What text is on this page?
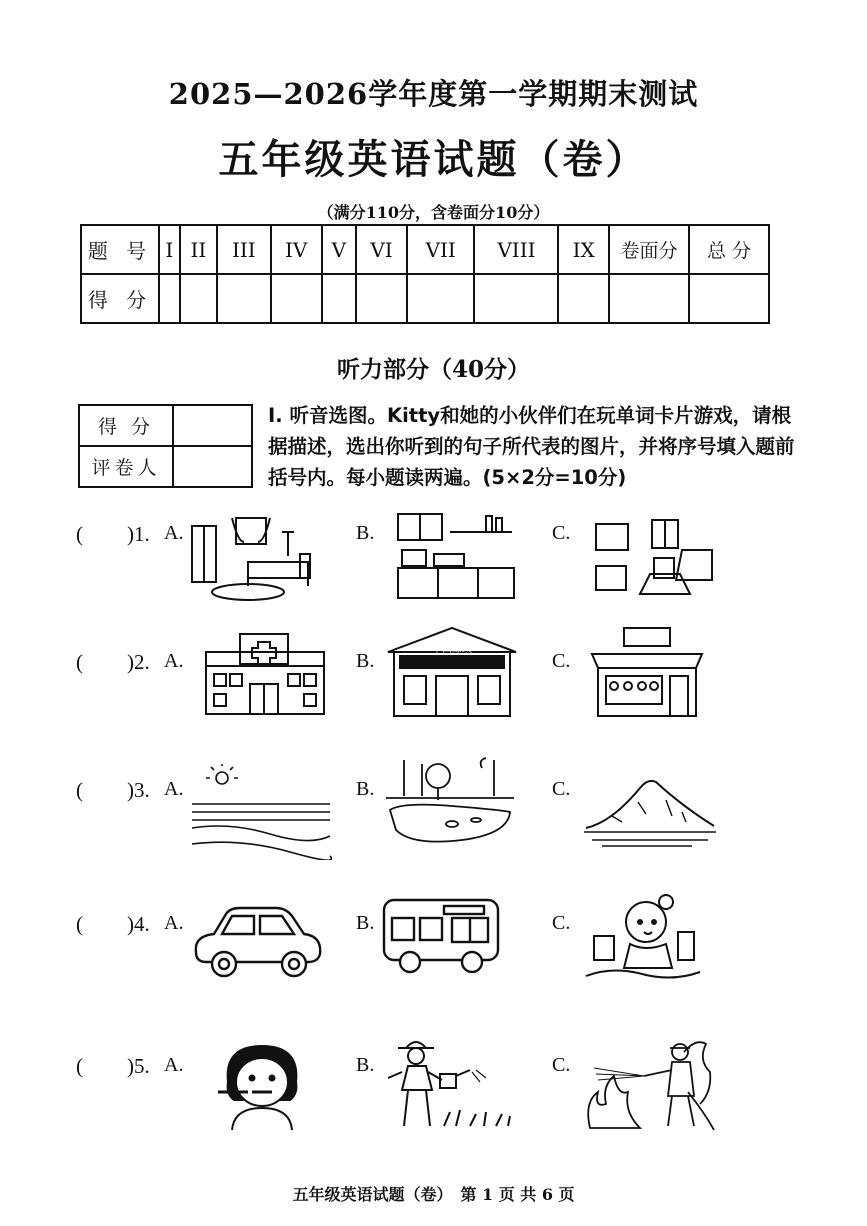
2025—2026学年度第一学期期末测试
五年级英语试题（卷）
（满分110分，含卷面分10分）
题 号	I	II	III	IV	V	VI	VII	VIII	IX	卷面分	总 分
得 分											
听力部分（40分）
得 分	
评卷人	
I. 听音选图。Kitty和她的小伙伴们在玩单词卡片游戏，请根据描述，选出你听到的句子所代表的图片，并将序号填入题前括号内。每小题读两遍。(5×2分=10分)
( )1. A.	B.	C.
( )2. A.	B.
中国邮政
C.
( )3. A.	B.	C.
( )4. A.	B.	C.
( )5. A.	B.	C.
五年级英语试题（卷）　第 1 页 共 6 页
